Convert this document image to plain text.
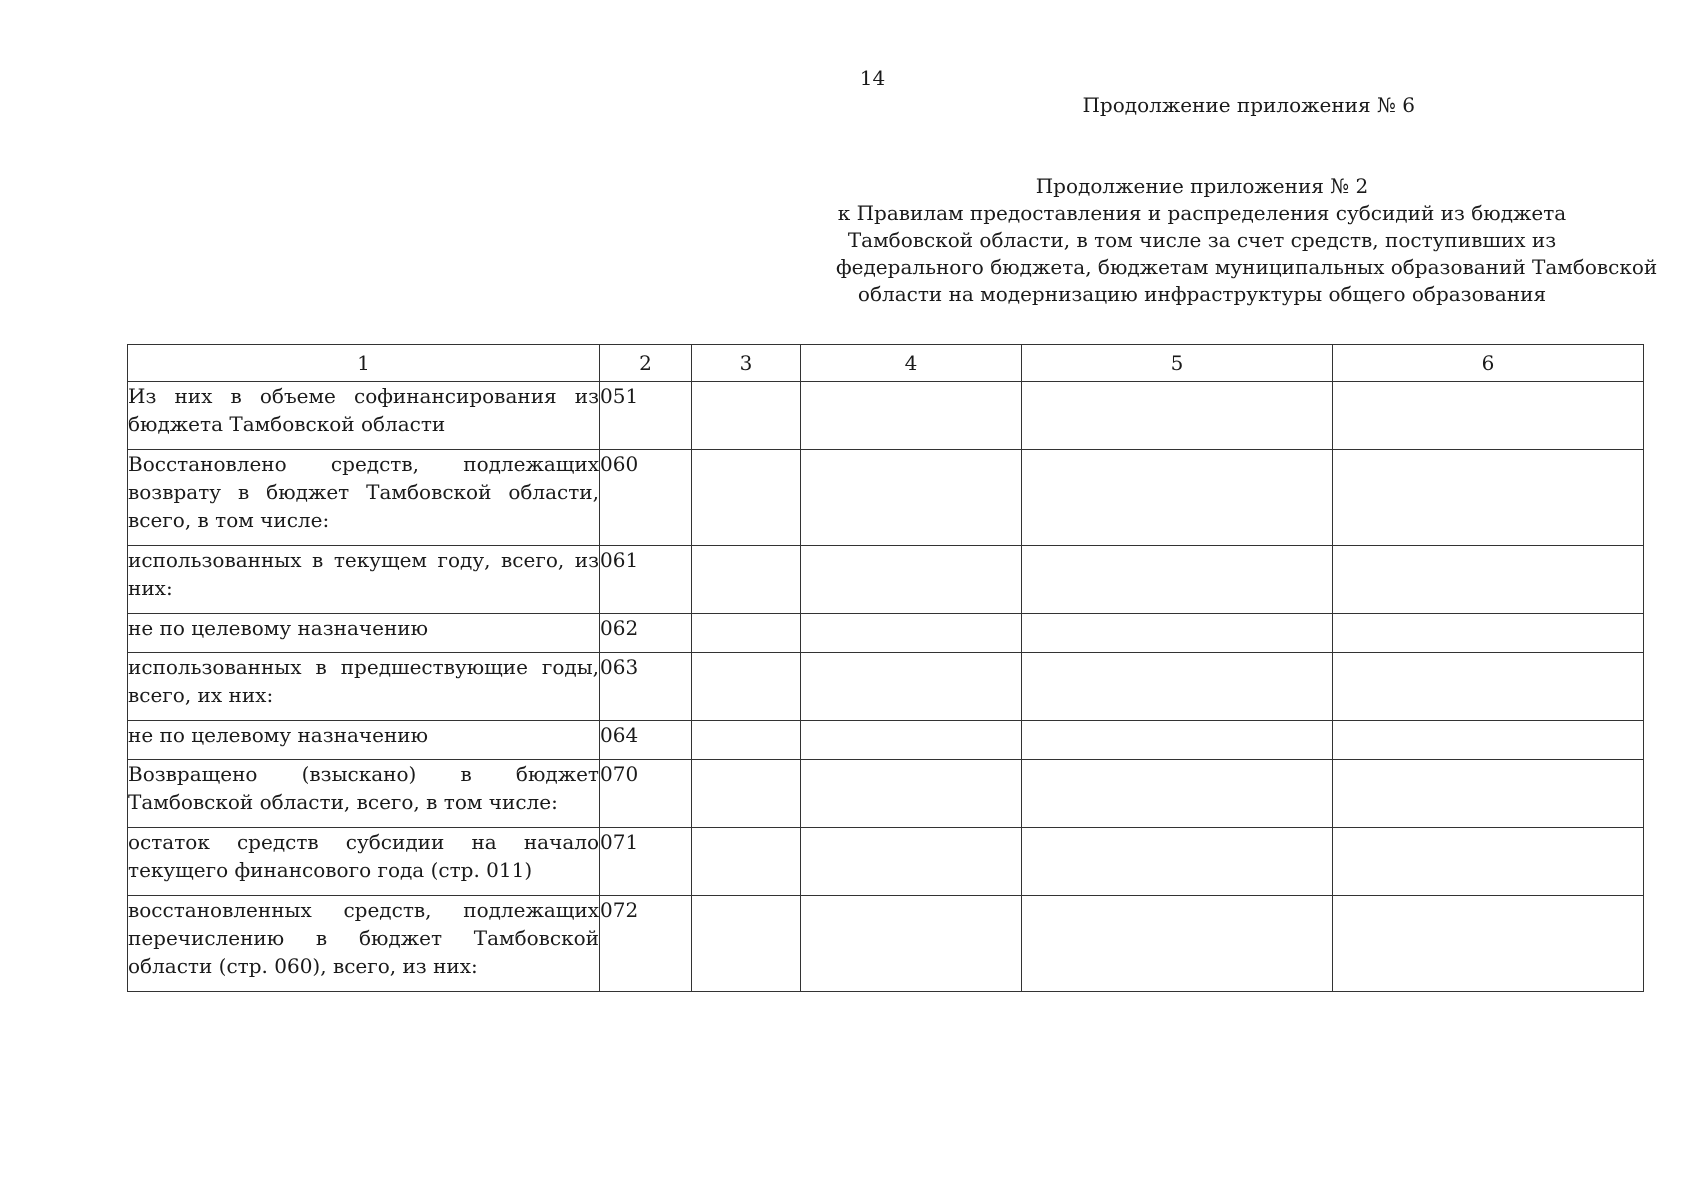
14
Продолжение приложения № 6
Продолжение приложения № 2
к Правилам предоставления и распределения субсидий из бюджета
Тамбовской области, в том числе за счет средств, поступивших из
федерального бюджета, бюджетам муниципальных образований Тамбовской
области на модернизацию инфраструктуры общего образования
1	2	3	4	5	6
Из них в объеме софинансирования из бюджета Тамбовской области	051				
Восстановлено средств, подлежащих возврату в бюджет Тамбовской области, всего, в том числе:	060				
использованных в текущем году, всего, из них:	061				
не по целевому назначению	062				
использованных в предшествующие годы, всего, их них:	063				
не по целевому назначению	064				
Возвращено (взыскано) в бюджет Тамбовской области, всего, в том числе:	070				
остаток средств субсидии на начало текущего финансового года (стр. 011)	071				
восстановленных средств, подлежащих перечислению в бюджет Тамбовской области (стр. 060), всего, из них:	072				
